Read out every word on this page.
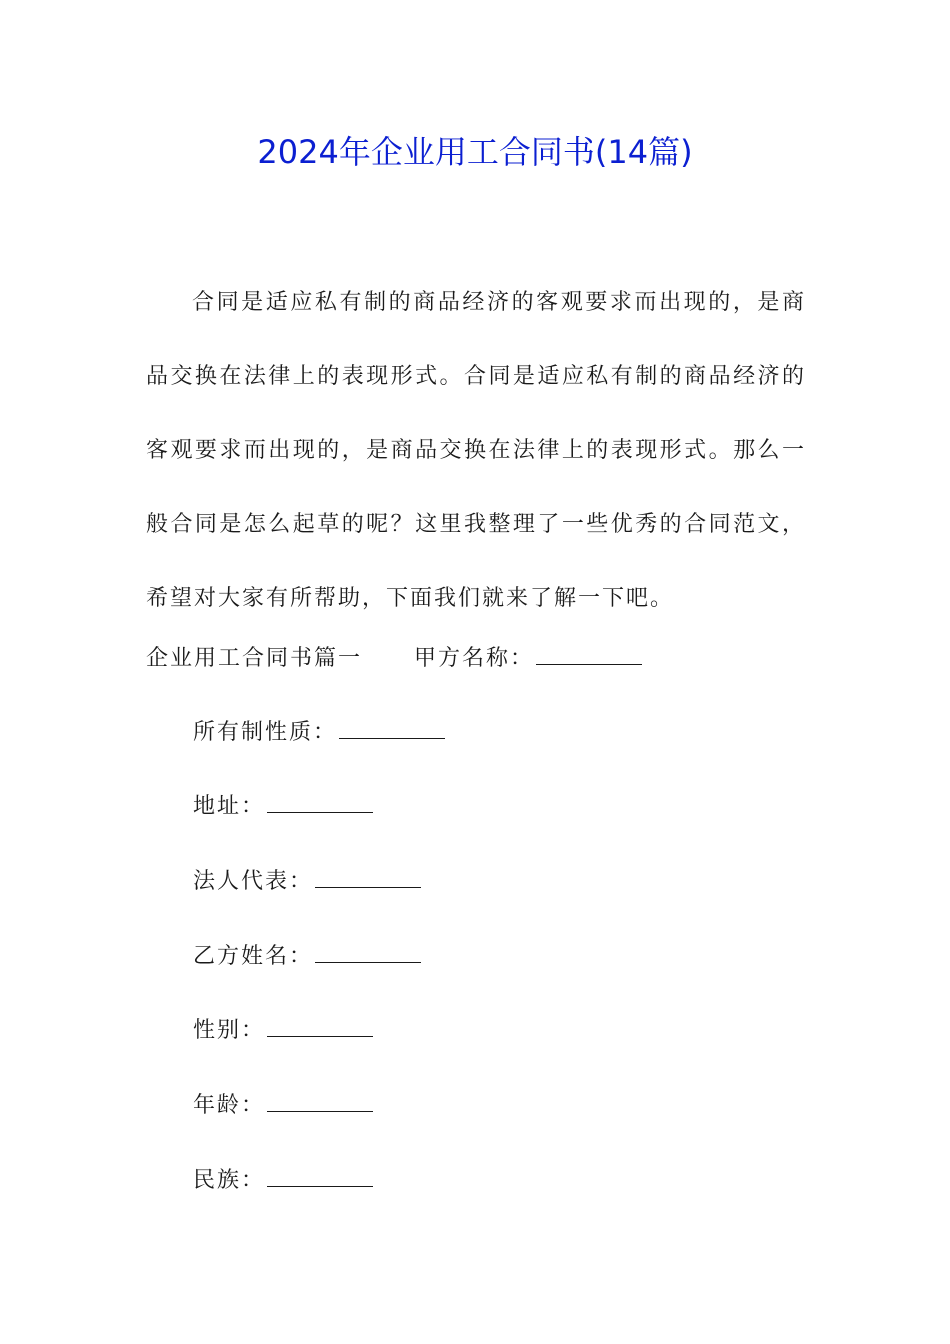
2024年企业用工合同书(14篇)

合同是适应私有制的商品经济的客观要求而出现的，是商品交换在法律上的表现形式。合同是适应私有制的商品经济的客观要求而出现的，是商品交换在法律上的表现形式。那么一般合同是怎么起草的呢？这里我整理了一些优秀的合同范文，希望对大家有所帮助，下面我们就来了解一下吧。

企业用工合同书篇一 甲方名称：
所有制性质：
地址：
法人代表：
乙方姓名：
性别：
年龄：
民族：
